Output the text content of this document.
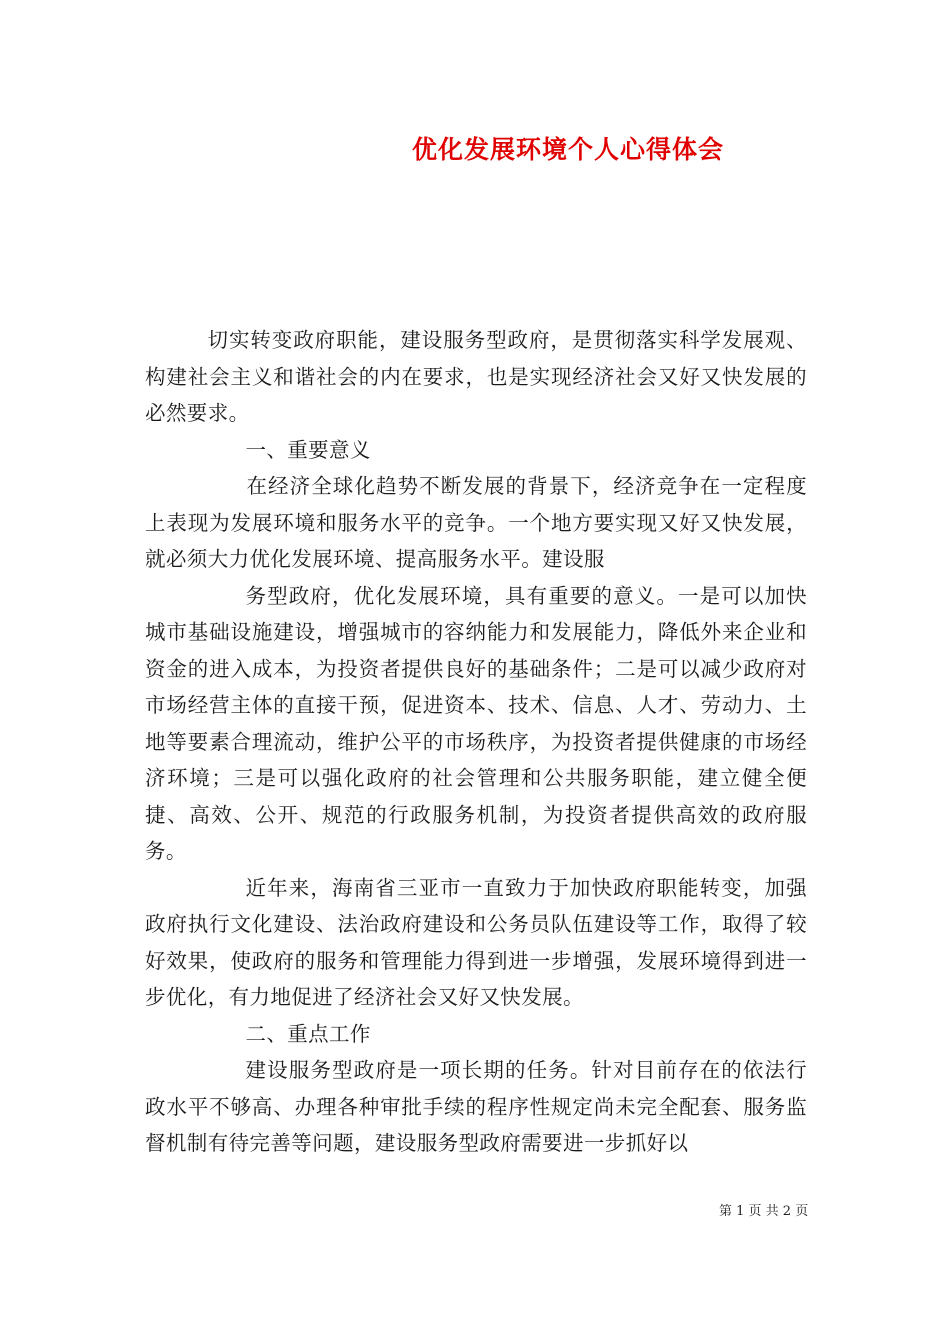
优化发展环境个人心得体会

切实转变政府职能，建设服务型政府，是贯彻落实科学发展观、构建社会主义和谐社会的内在要求，也是实现经济社会又好又快发展的必然要求。

一、重要意义

在经济全球化趋势不断发展的背景下，经济竞争在一定程度上表现为发展环境和服务水平的竞争。一个地方要实现又好又快发展，就必须大力优化发展环境、提高服务水平。建设服

务型政府，优化发展环境，具有重要的意义。一是可以加快城市基础设施建设，增强城市的容纳能力和发展能力，降低外来企业和资金的进入成本，为投资者提供良好的基础条件；二是可以减少政府对市场经营主体的直接干预，促进资本、技术、信息、人才、劳动力、土地等要素合理流动，维护公平的市场秩序，为投资者提供健康的市场经济环境；三是可以强化政府的社会管理和公共服务职能，建立健全便捷、高效、公开、规范的行政服务机制，为投资者提供高效的政府服务。

近年来，海南省三亚市一直致力于加快政府职能转变，加强政府执行文化建设、法治政府建设和公务员队伍建设等工作，取得了较好效果，使政府的服务和管理能力得到进一步增强，发展环境得到进一步优化，有力地促进了经济社会又好又快发展。

二、重点工作

建设服务型政府是一项长期的任务。针对目前存在的依法行政水平不够高、办理各种审批手续的程序性规定尚未完全配套、服务监督机制有待完善等问题，建设服务型政府需要进一步抓好以

第 1 页 共 2 页
